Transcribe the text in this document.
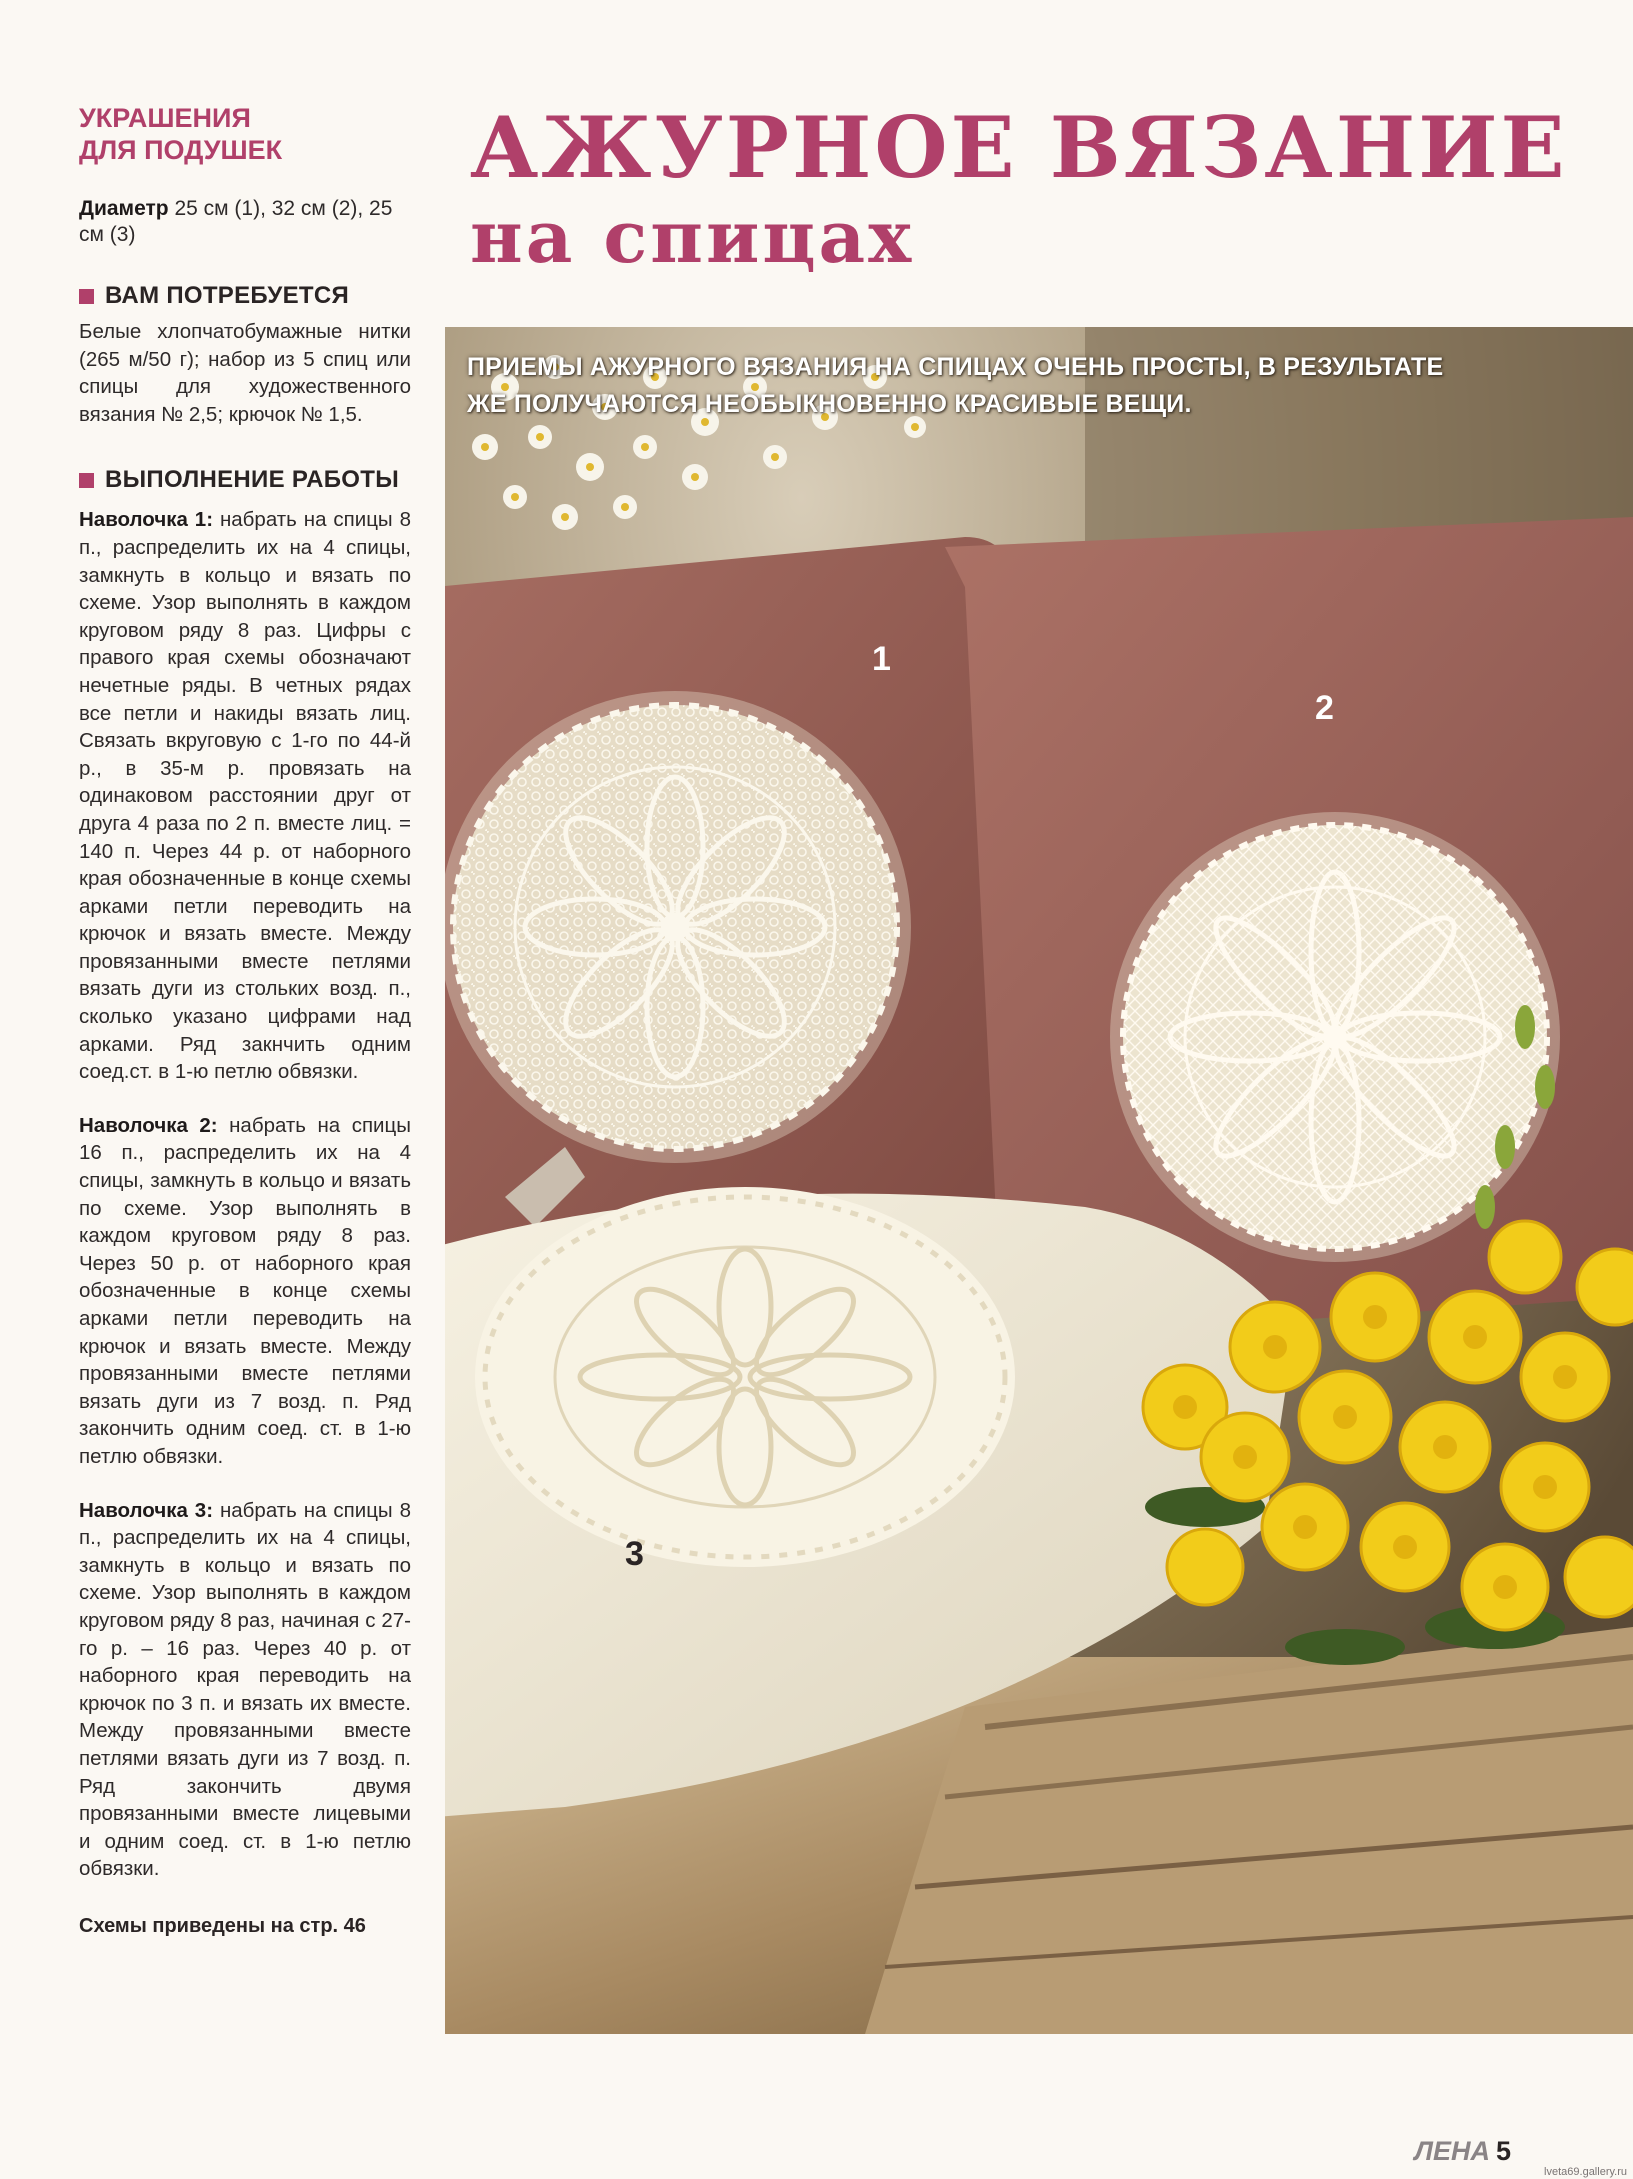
УКРАШЕНИЯ
ДЛЯ ПОДУШЕК
Диаметр 25 см (1), 32 см (2), 25 см (3)
ВАМ ПОТРЕБУЕТСЯ
Белые хлопчатобумажные нитки (265 м/50 г); набор из 5 спиц или спицы для художественного вязания № 2,5; крючок № 1,5.
ВЫПОЛНЕНИЕ РАБОТЫ
Наволочка 1: набрать на спицы 8 п., распределить их на 4 спицы, замкнуть в кольцо и вязать по схеме. Узор выполнять в каждом круговом ряду 8 раз. Цифры с правого края схемы обозначают нечетные ряды. В четных рядах все петли и накиды вязать лиц. Связать вкруговую с 1-го по 44-й р., в 35-м р. провязать на одинаковом расстоянии друг от друга 4 раза по 2 п. вместе лиц. = 140 п. Через 44 р. от наборного края обозначенные в конце схемы арками петли переводить на крючок и вязать вместе. Между провязанными вместе петлями вязать дуги из стольких возд. п., сколько указано цифрами над арками. Ряд закнчить одним соед.ст. в 1-ю петлю обвязки.
Наволочка 2: набрать на спицы 16 п., распределить их на 4 спицы, замкнуть в кольцо и вязать по схеме. Узор выполнять в каждом круговом ряду 8 раз. Через 50 р. от наборного края обозначенные в конце схемы арками петли переводить на крючок и вязать вместе. Между провязанными вместе петлями вязать дуги из 7 возд. п. Ряд закончить одним соед. ст. в 1-ю петлю обвязки.
Наволочка 3: набрать на спицы 8 п., распределить их на 4 спицы, замкнуть в кольцо и вязать по схеме. Узор выполнять в каждом круговом ряду 8 раз, начиная с 27-го р. – 16 раз. Через 40 р. от наборного края переводить на крючок по 3 п. и вязать их вместе. Между провязанными вместе петлями вязать дуги из 7 возд. п. Ряд закончить двумя провязанными вместе лицевыми и одним соед. ст. в 1-ю петлю обвязки.
Схемы приведены на стр. 46
АЖУРНОЕ ВЯЗАНИЕ
на спицах
ПРИЕМЫ АЖУРНОГО ВЯЗАНИЯ НА СПИЦАХ ОЧЕНЬ ПРОСТЫ, В РЕЗУЛЬТАТЕ
ЖЕ ПОЛУЧАЮТСЯ НЕОБЫКНОВЕННО КРАСИВЫЕ ВЕЩИ.
1
2
3
ЛЕНА 5
lveta69.gallery.ru
